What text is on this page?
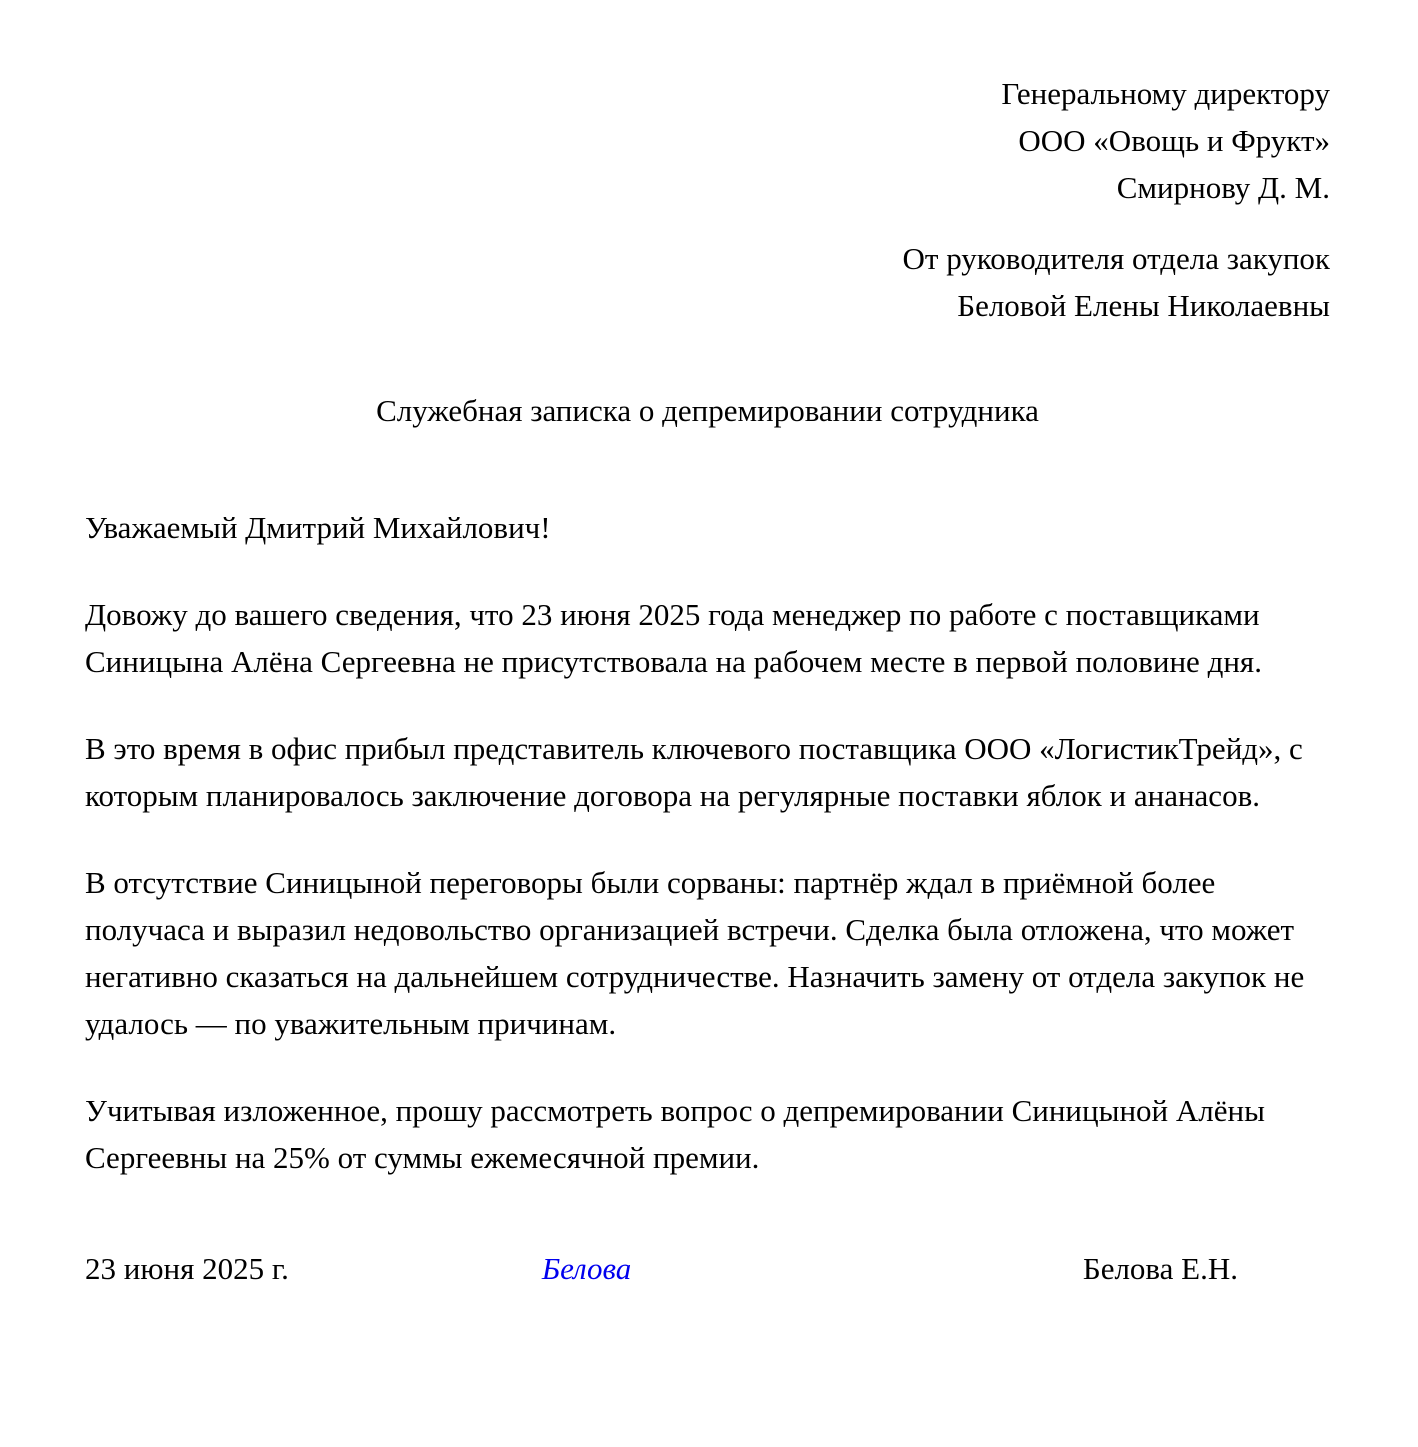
Генеральному директору
ООО «Овощь и Фрукт»
Смирнову Д. М.
От руководителя отдела закупок
Беловой Елены Николаевны
Служебная записка о депремировании сотрудника
Уважаемый Дмитрий Михайлович!

Довожу до вашего сведения, что 23 июня 2025 года менеджер по работе с поставщиками Синицына Алёна Сергеевна не присутствовала на рабочем месте в первой половине дня.

В это время в офис прибыл представитель ключевого поставщика ООО «ЛогистикТрейд», с которым планировалось заключение договора на регулярные поставки яблок и ананасов.

В отсутствие Синицыной переговоры были сорваны: партнёр ждал в приёмной более получаса и выразил недовольство организацией встречи. Сделка была отложена, что может негативно сказаться на дальнейшем сотрудничестве. Назначить замену от отдела закупок не удалось — по уважительным причинам.

Учитывая изложенное, прошу рассмотреть вопрос о депремировании Синицыной Алёны Сергеевны на 25% от суммы ежемесячной премии.

23 июня 2025 г.	Белова	Белова Е.Н.
